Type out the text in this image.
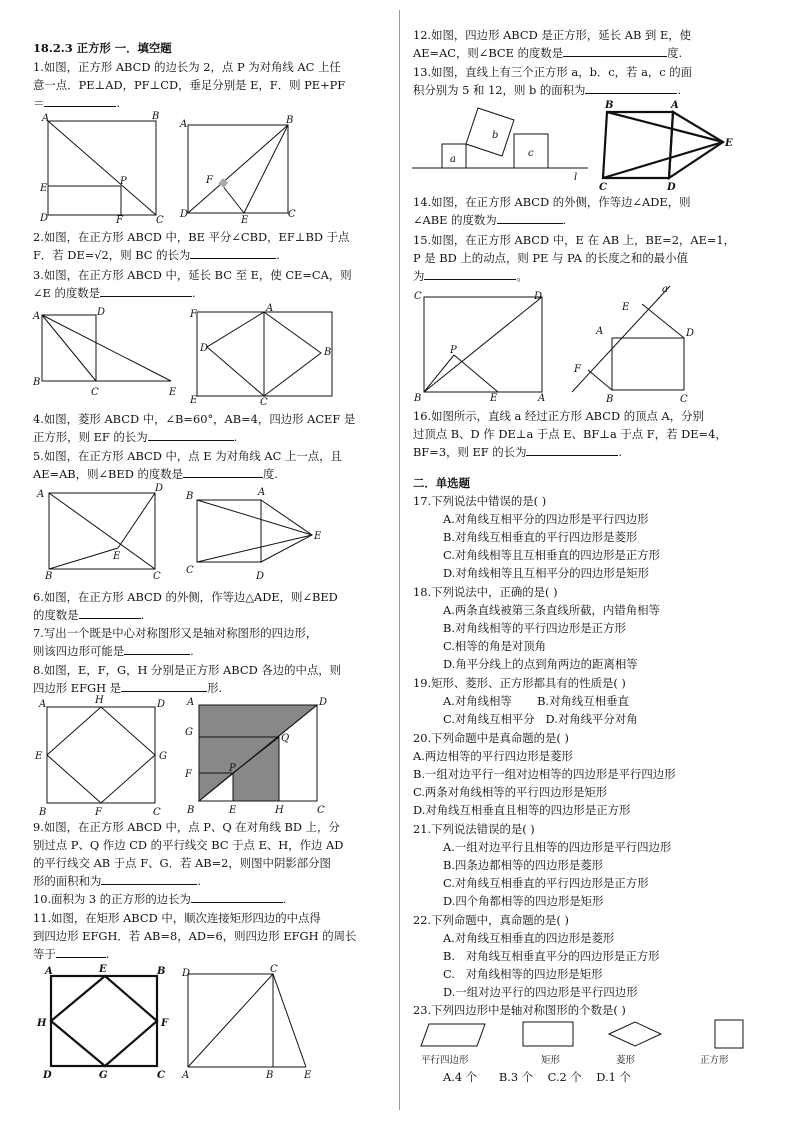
18.2.3 正方形 一．填空题
1.如图，正方形 ABCD 的边长为 2，点 P 为对角线 AC 上任
意一点．PE⊥AD，PF⊥CD，垂足分别是 E，F．则 PE+PF
＝	.
2.如图，在正方形 ABCD 中，BE 平分∠CBD，EF⊥BD 于点
F．若 DE=√2，则 BC 的长为	.
3.如图，在正方形 ABCD 中，延长 BC 至 E，使 CE=CA，则
∠E 的度数是	.
4.如图，菱形 ABCD 中，∠B=60°，AB=4，四边形 ACEF 是
正方形，则 EF 的长为	.
5.如图，在正方形 ABCD 中，点 E 为对角线 AC 上一点，且
AE=AB，则∠BED 的度数是	度.
6.如图，在正方形 ABCD 的外侧，作等边△ADE，则∠BED
的度数是	.
7.写出一个既是中心对称图形又是轴对称图形的四边形，
则该四边形可能是	.
8.如图，E，F，G，H 分别是正方形 ABCD 各边的中点，则
四边形 EFGH 是	形.
9.如图，在正方形 ABCD 中，点 P、Q 在对角线 BD 上，分
别过点 P、Q 作边 CD 的平行线交 BC 于点 E、H，作边 AD
的平行线交 AB 于点 F、G．若 AB=2，则图中阴影部分图
形的面积和为	.
10.面积为 3 的正方形的边长为	.
11.如图，在矩形 ABCD 中，顺次连接矩形四边的中点得
到四边形 EFGH．若 AB=8，AD=6，则四边形 EFGH 的周长
等于	.
12.如图，四边形 ABCD 是正方形，延长 AB 到 E，使
AE=AC，则∠BCE 的度数是	度.
13.如图，直线上有三个正方形 a，b．c，若 a，c 的面
积分别为 5 和 12，则 b 的面积为	.
14.如图，在正方形 ABCD 的外侧，作等边∠ADE，则
∠ABE 的度数为	.
15.如图，在正方形 ABCD 中，E 在 AB 上，BE=2，AE=1，
P 是 BD 上的动点，则 PE 与 PA 的长度之和的最小值
为	。
16.如图所示，直线 a 经过正方形 ABCD 的顶点 A，分别
过顶点 B、D 作 DE⊥a 于点 E、BF⊥a 于点 F，若 DE=4，
BF=3，则 EF 的长为	.
二．单选题
17.下列说法中错误的是( )
A.对角线互相平分的四边形是平行四边形
B.对角线互相垂直的平行四边形是菱形
C.对角线相等且互相垂直的四边形是正方形
D.对角线相等且互相平分的四边形是矩形
18.下列说法中，正确的是( )
A.两条直线被第三条直线所截，内错角相等
B.对角线相等的平行四边形是正方形
C.相等的角是对顶角
D.角平分线上的点到角两边的距离相等
19.矩形、菱形、正方形都具有的性质是( )
A.对角线相等       B.对角线互相垂直
C.对角线互相平分   D.对角线平分对角
20.下列命题中是真命题的是( )
A.两边相等的平行四边形是菱形
B.一组对边平行一组对边相等的四边形是平行四边形
C.两条对角线相等的平行四边形是矩形
D.对角线互相垂直且相等的四边形是正方形
21.下列说法错误的是( )
A.一组对边平行且相等的四边形是平行四边形
B.四条边都相等的四边形是菱形
C.对角线互相垂直的平行四边形是正方形
D.四个角都相等的四边形是矩形
22.下列命题中，真命题的是( )
A.对角线互相垂直的四边形是菱形
B.   对角线互相垂直平分的四边形是正方形
C.   对角线相等的四边形是矩形
D.一组对边平行的四边形是平行四边形
23.下列四边形中是轴对称图形的个数是( )
平行四边形	矩形	菱形	正方形
A.4 个      B.3 个    C.2 个    D.1 个
A	B
E
P
D	F	C
A	B
F
D
E
C
A	D
B
C	E
F
A
D	B
C
E
A
D
E
B	C
B	A
E
C
D
A	H	D
E	G
B	F	C
A	D
G
Q
F
P
B	E	H	C
A	E	B
H	F
D	G	C
D	C
A	B	E
a
b
c
l
B	A
E
C	D
C	D
P
B	E	A
a
E
D
A
F
B	C
